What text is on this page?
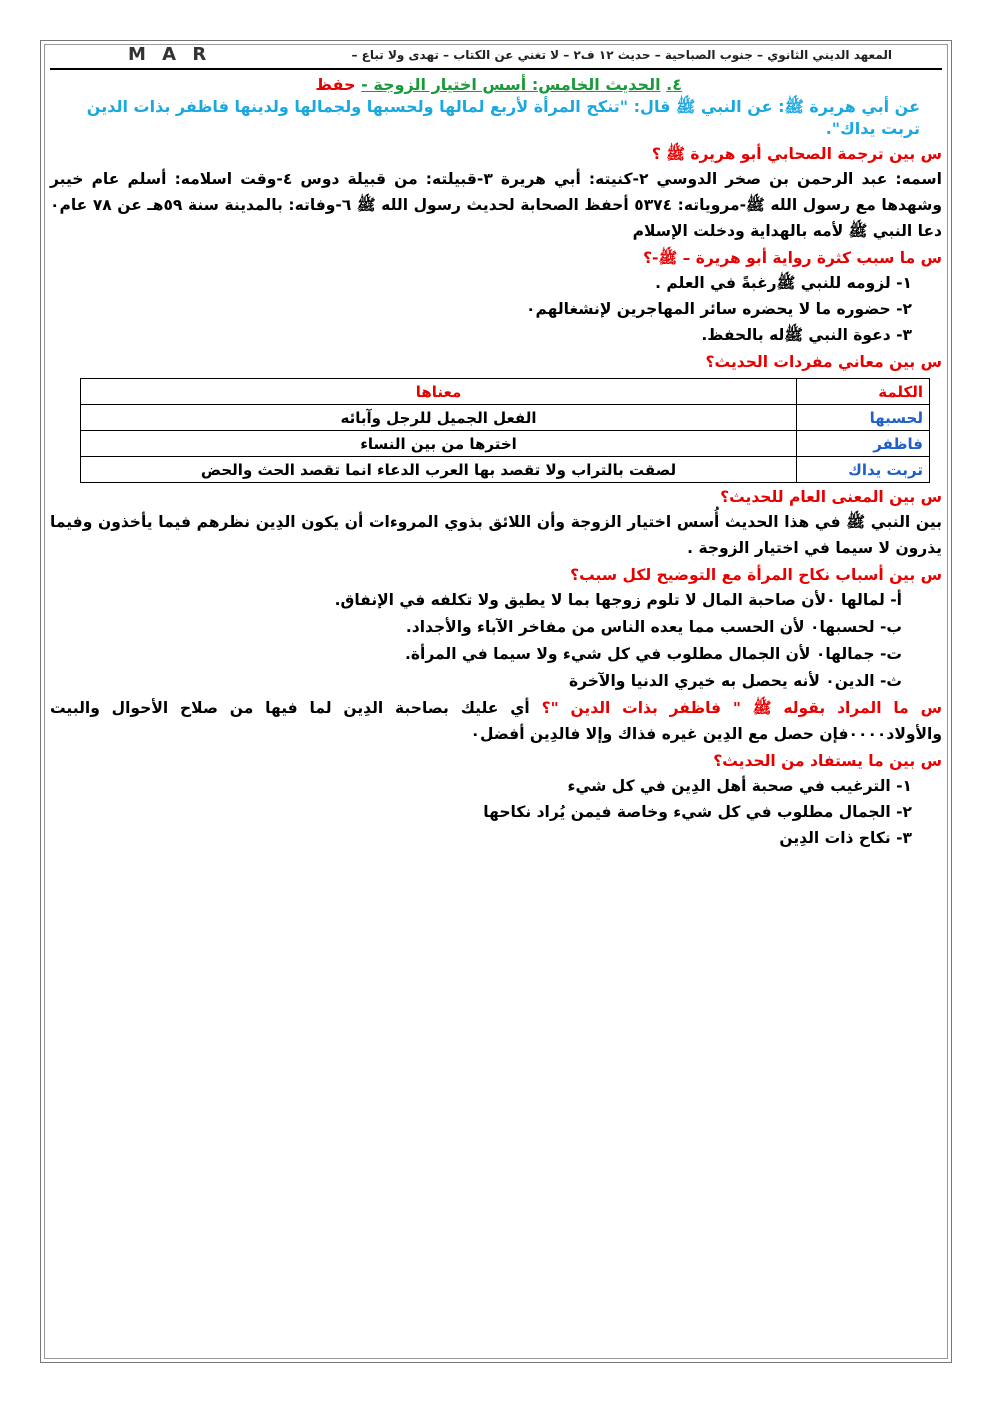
المعهد الديني الثانوي – جنوب الصباحية – حديث ١٢ ف٢ – لا تغني عن الكتاب – تهدى ولا تباع –
M A R
٤. الحديث الخامس: أسس اختيار الزوجة - حفظ
عن أبي هريرة ﷺ: عن النبي ﷺ قال: "تنكح المرأة لأربع لمالها ولحسبها ولجمالها ولدينها فاظفر بذات الدين تربت يداك".
س بين ترجمة الصحابي أبو هريرة ﷺ ؟
اسمه: عبد الرحمن بن صخر الدوسي ٢-كنيته: أبي هريرة ٣-قبيلته: من قبيلة دوس ٤-وقت اسلامه: أسلم عام خيبر وشهدها مع رسول الله ﷺ-مروياته: ٥٣٧٤ أحفظ الصحابة لحديث رسول الله ﷺ ٦-وفاته: بالمدينة سنة ٥٩هـ عن ٧٨ عام٠ دعا النبي ﷺ لأمه بالهداية ودخلت الإسلام
س ما سبب كثرة رواية أبو هريرة – ﷺ-؟
١- لزومه للنبي ﷺرغبةً في العلم .
٢- حضوره ما لا يحضره سائر المهاجرين لإنشغالهم٠
٣- دعوة النبي ﷺله بالحفظ.
س بين معاني مفردات الحديث؟
الكلمة	معناها
لحسبها	الفعل الجميل للرجل وآبائه
فاظفر	اخترها من بين النساء
تربت يداك	لصقت بالتراب ولا تقصد بها العرب الدعاء انما تقصد الحث والحض
س بين المعنى العام للحديث؟
بين النبي ﷺ في هذا الحديث أُسس اختيار الزوجة وأن اللائق بذوي المروءات أن يكون الدِين نظرهم فيما يأخذون وفيما يذرون لا سيما في اختيار الزوجة .
س بين أسباب نكاح المرأة مع التوضيح لكل سبب؟
أ- لمالها ٠لأن صاحبة المال لا تلوم زوجها بما لا يطيق ولا تكلفه في الإنفاق.
ب- لحسبها٠ لأن الحسب مما يعده الناس من مفاخر الآباء والأجداد.
ت- جمالها٠ لأن الجمال مطلوب في كل شيء ولا سيما في المرأة.
ث- الدين٠ لأنه يحصل به خيري الدنيا والآخرة
س ما المراد بقوله ﷺ " فاظفر بذات الدين "؟ أي عليك بصاحبة الدِين لما فيها من صلاح الأحوال والبيت والأولاد٠٠٠٠فإن حصل مع الدِين غيره فذاك وإلا فالدِين أفضل٠
س بين ما يستفاد من الحديث؟
١- الترغيب في صحبة أهل الدِين في كل شيء
٢- الجمال مطلوب في كل شيء وخاصة فيمن يُراد نكاحها
٣- نكاح ذات الدِين
